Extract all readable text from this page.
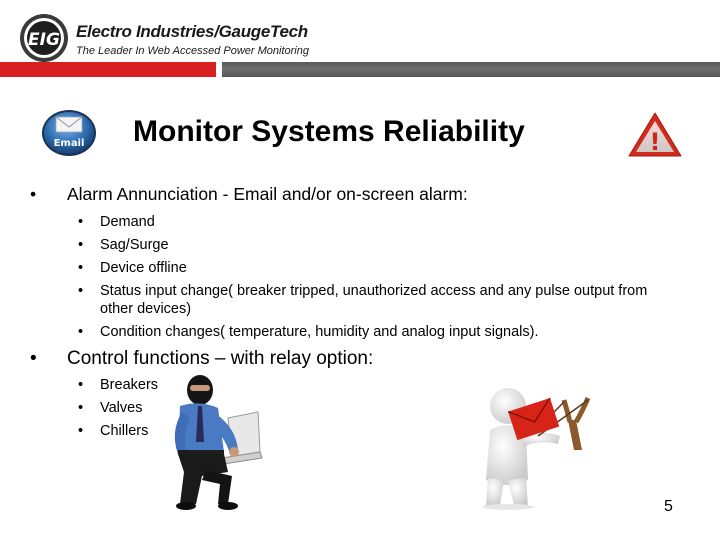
EIG Electro Industries/GaugeTech
The Leader In Web Accessed Power Monitoring
Email Monitor Systems Reliability	!
• Alarm Annunciation - Email and/or on-screen alarm:
• Demand
• Sag/Surge
• Device offline
• Status input change( breaker tripped, unauthorized access and any pulse output from other devices)
• Condition changes( temperature, humidity and analog input signals).
• Control functions – with relay option:
• Breakers
• Valves
• Chillers
5
